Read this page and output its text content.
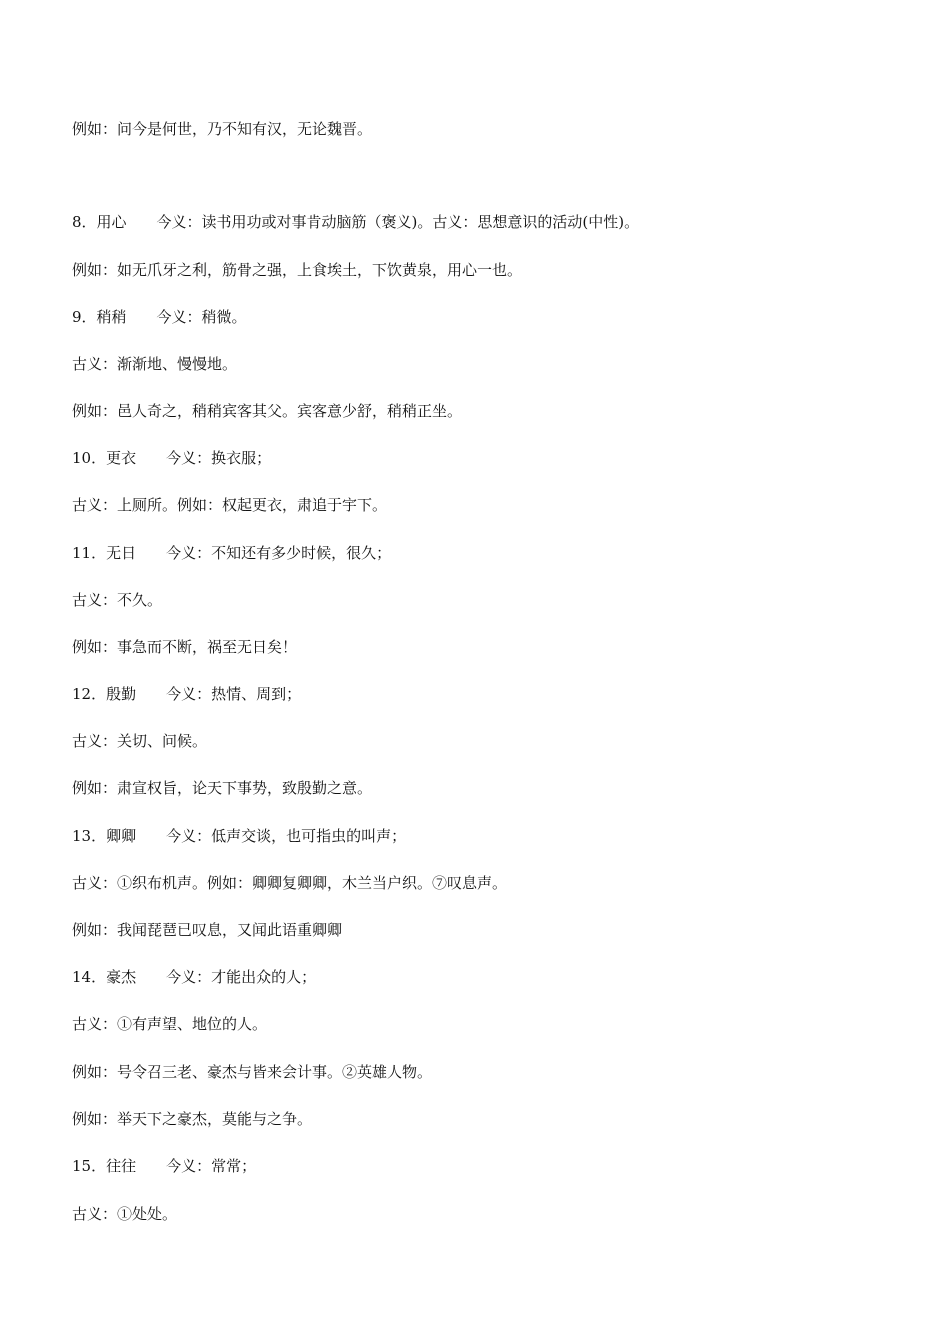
例如：问今是何世，乃不知有汉，无论魏晋。
8．用心　　今义：读书用功或对事肯动脑筋（褒义)。古义：思想意识的活动(中性)。
例如：如无爪牙之利，筋骨之强，上食埃土，下饮黄泉，用心一也。
9．稍稍　　今义：稍微。
古义：渐渐地、慢慢地。
例如：邑人奇之，稍稍宾客其父。宾客意少舒，稍稍正坐。
10．更衣　　今义：换衣服；
古义：上厕所。例如：权起更衣，肃追于宇下。
11．无日　　今义：不知还有多少时候，很久；
古义：不久。
例如：事急而不断，祸至无日矣！
12．殷勤　　今义：热情、周到；
古义：关切、问候。
例如：肃宣权旨，论天下事势，致殷勤之意。
13．卿卿　　今义：低声交谈，也可指虫的叫声；
古义：①织布机声。例如：卿卿复卿卿，木兰当户织。⑦叹息声。
例如：我闻琵琶已叹息，又闻此语重卿卿
14．豪杰　　今义：才能出众的人；
古义：①有声望、地位的人。
例如：号令召三老、豪杰与皆来会计事。②英雄人物。
例如：举天下之豪杰，莫能与之争。
15．往往　　今义：常常；
古义：①处处。
